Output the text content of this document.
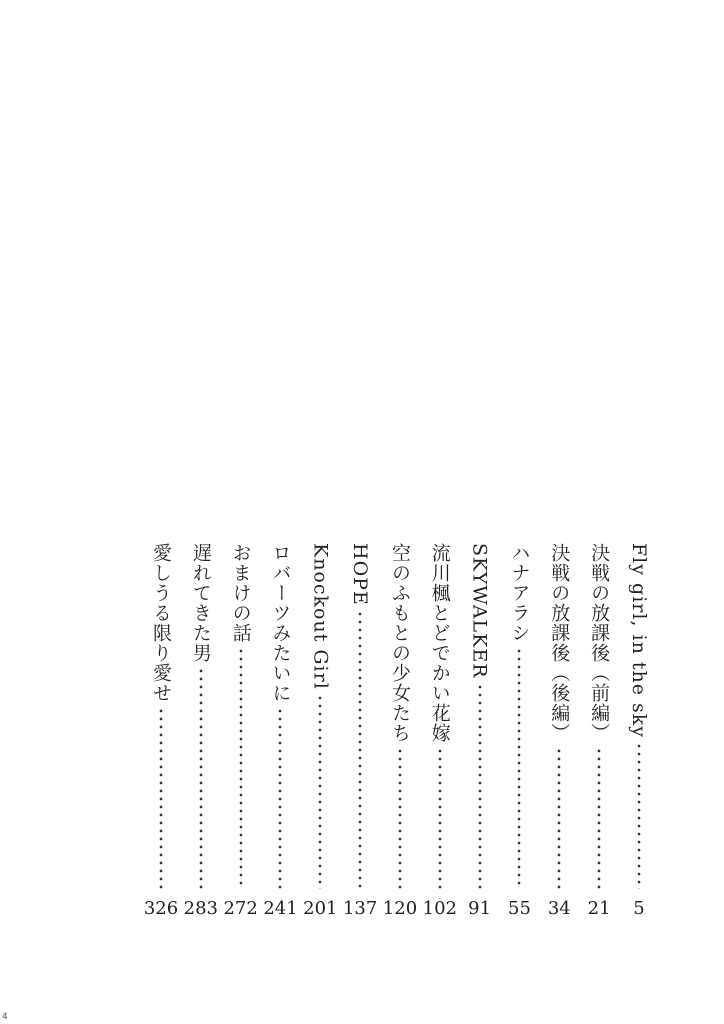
Fly girl, in the sky
5
決戦の放課後（前編）
21
決戦の放課後（後編）
34
ハナアラシ
55
SKYWALKER
91
流川楓とどでかい花嫁
102
空のふもとの少女たち
120
HOPE
137
Knockout Girl
201
ロバーツみたいに
241
おまけの話
272
遅れてきた男
283
愛しうる限り愛せ
326
4
